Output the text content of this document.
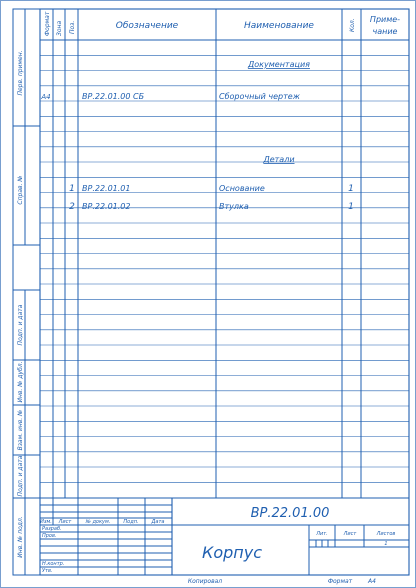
Формат Зона Поз.	Обозначение	Наименование	Кол. Приме-
чание
Перв. примен.
Справ. №
Подп. и дата
Инв. № дубл.
Взам. инв. №
Подп. и дата
Инв. № подл.
Документация
Детали
А4	ВР.22.01.00 СБ	Сборочный чертеж
1 ВР.22.01.01	Основание	1
2 ВР.22.01.02	Втулка	1
ВР.22.01.00
Корпус
Изм. Лист	№ докум.	Подп.	Дата
Разраб.
Пров.
Н.контр.
Утв.
Лит.	Лист	Листов
1
Копировал	Формат	А4
